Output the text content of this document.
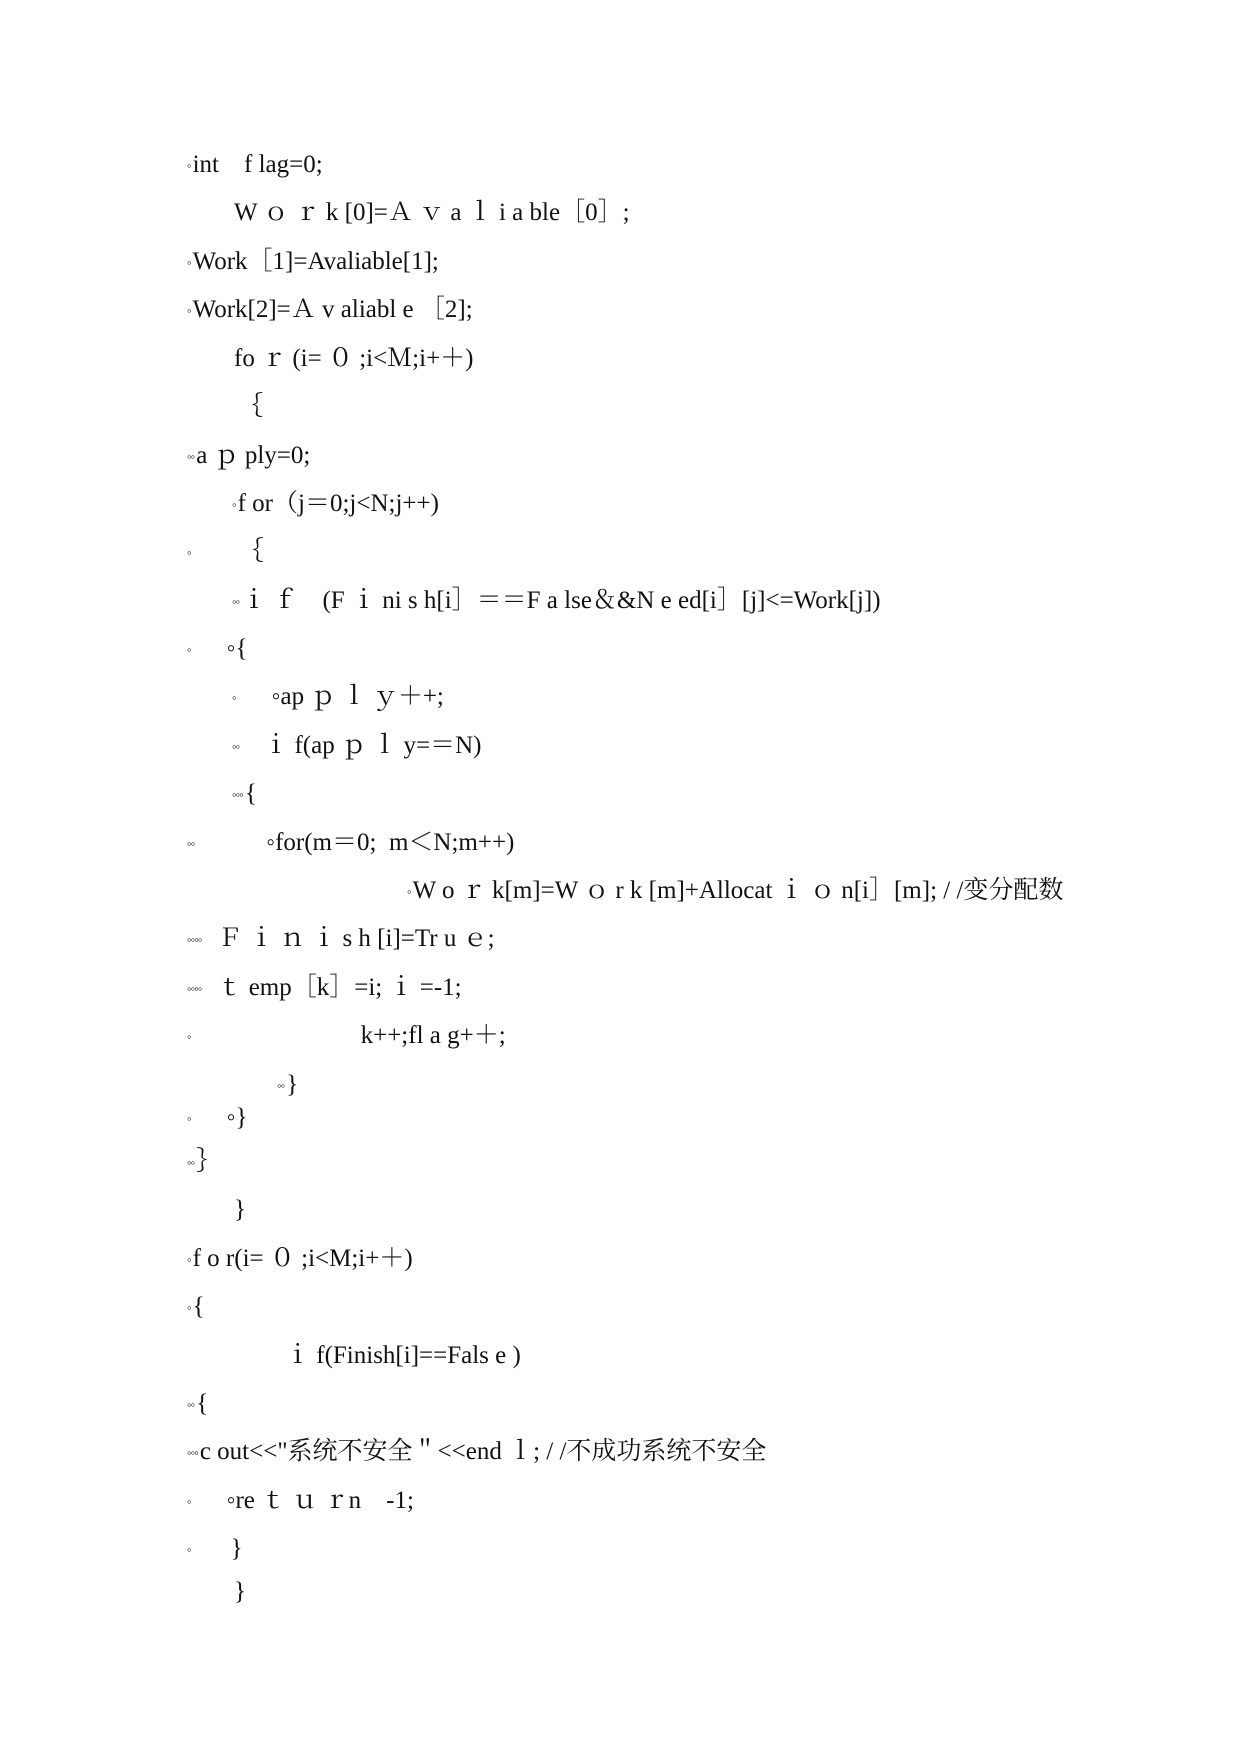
◦int　f lag=0;
W ｏ ｒ k [0]=Ａ ｖ a ｌ i a ble［0］;
◦Work［1]=Avaliable[1];
◦Work[2]=Ａ v aliabl e ［2];
fo ｒ (i= ０ ;i<Ｍ;i+＋)
｛
◦◦a ｐ ply=0;
◦f or（j＝0;j<N;j++)
◦ ｛
◦◦ｉ ｆ　(F ｉ ni s h[i］＝＝F a lse＆&N e ed[i］[j]<=Work[j])
◦ ◦{
◦ ◦ap ｐ ｌ ｙ＋+;
◦◦ ｉ f(ap ｐ ｌ y=＝N)
◦◦◦{
◦◦	◦for(m＝0;  m＜N;m++)
◦W o ｒ k[m]=W ｏ r k [m]+Allocat ｉ ｏ n[i］[m]; / /变分配数
◦◦◦◦ Ｆ ｉ ｎ ｉ s h [i]=Tr u ｅ;
◦◦◦◦ ｔ emp［k］=i; ｉ =-1;
◦	k++;fl a g+＋;
◦◦}
◦ ◦}
◦◦｝
}
◦f o r(i= ０ ;i<M;i+＋)
◦{
ｉ f(Finish[i]==Fals e )
◦◦{
◦◦◦c out<<"系统不安全＂<<end ｌ; / /不成功系统不安全
◦ ◦re ｔ ｕ ｒn　-1;
◦ }
}
